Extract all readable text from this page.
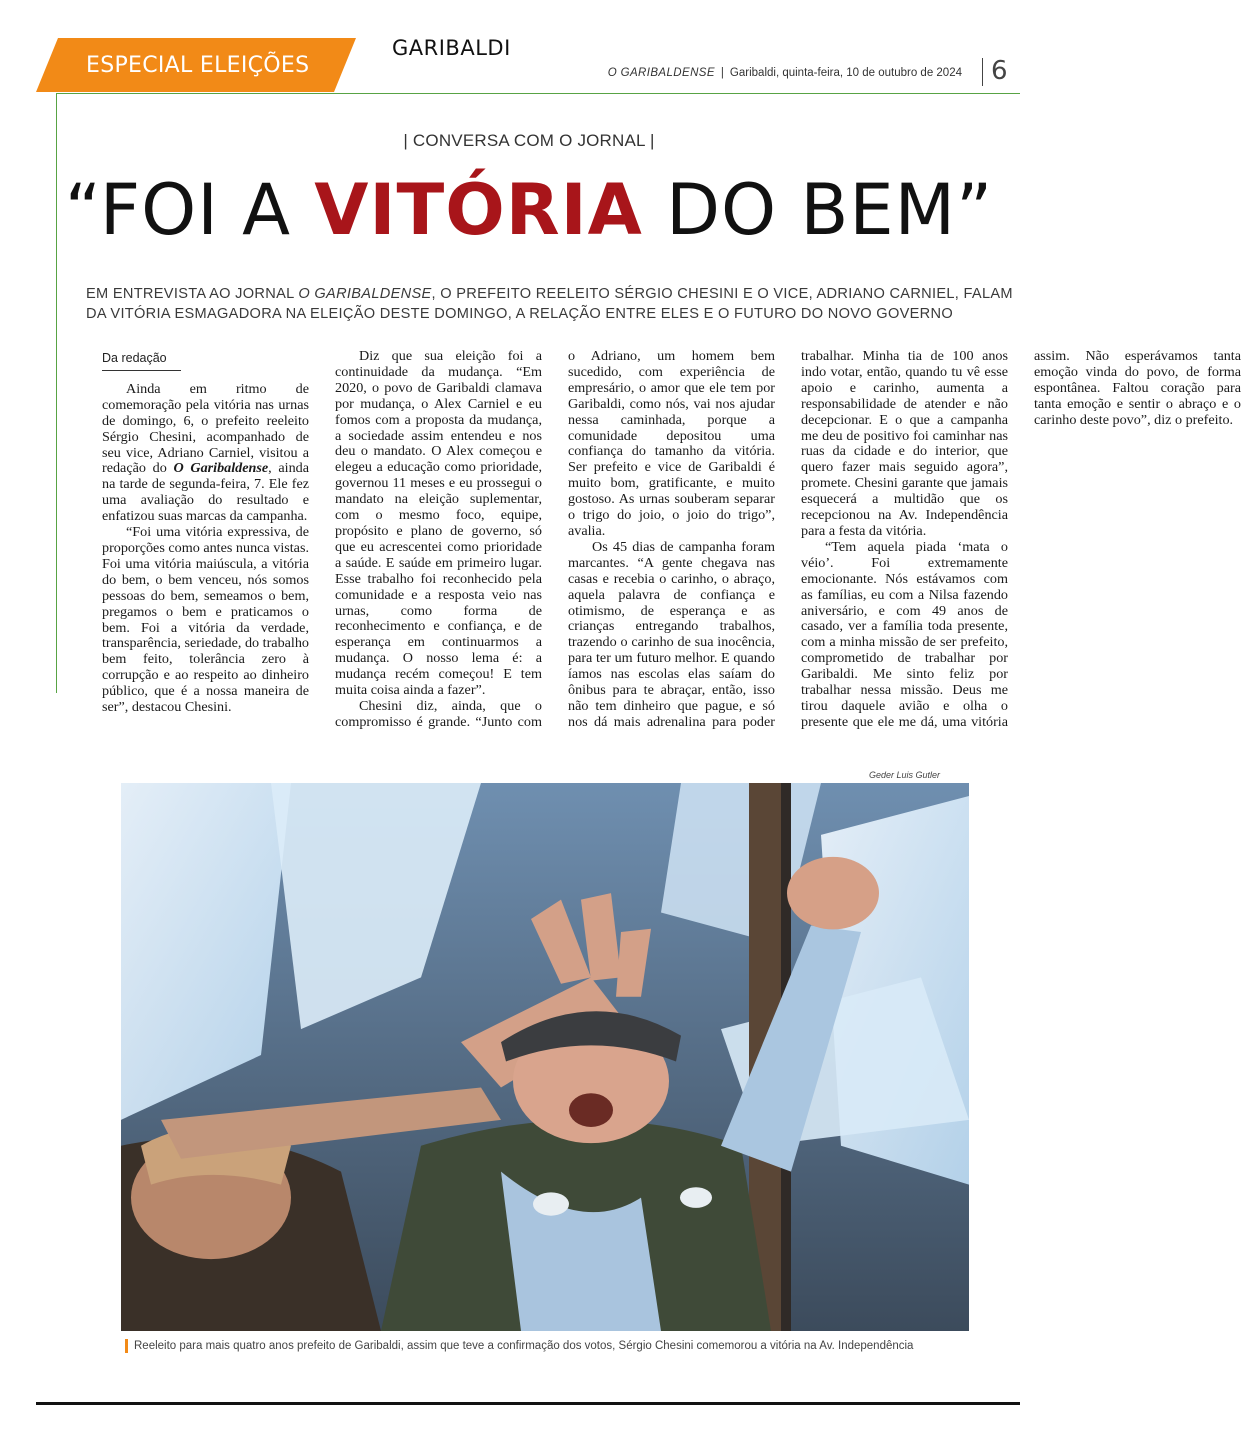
ESPECIAL ELEIÇÕES
GARIBALDI
O GARIBALDENSE | Garibaldi, quinta-feira, 10 de outubro de 2024 6
| CONVERSA COM O JORNAL |
“FOI A VITÓRIA DO BEM”
EM ENTREVISTA AO JORNAL O GARIBALDENSE, O PREFEITO REELEITO SÉRGIO CHESINI E O VICE, ADRIANO CARNIEL, FALAM DA VITÓRIA ESMAGADORA NA ELEIÇÃO DESTE DOMINGO, A RELAÇÃO ENTRE ELES E O FUTURO DO NOVO GOVERNO
Da redação

Ainda em ritmo de comemoração pela vitória nas urnas de domingo, 6, o prefeito reeleito Sérgio Chesini, acompanhado de seu vice, Adriano Carniel, visitou a redação do O Garibaldense, ainda na tarde de segunda-feira, 7. Ele fez uma avaliação do resultado e enfatizou suas marcas da campanha.

“Foi uma vitória expressiva, de proporções como antes nunca vistas. Foi uma vitória maiúscula, a vitória do bem, o bem venceu, nós somos pessoas do bem, semeamos o bem, pregamos o bem e praticamos o bem. Foi a vitória da verdade, transparência, seriedade, do trabalho bem feito, tolerância zero à corrupção e ao respeito ao dinheiro público, que é a nossa maneira de ser”, destacou Chesini.

Diz que sua eleição foi a continuidade da mudança. “Em 2020, o povo de Garibaldi clamava por mudança, o Alex Carniel e eu fomos com a proposta da mudança, a sociedade assim entendeu e nos deu o mandato. O Alex começou e elegeu a educação como prioridade, governou 11 meses e eu prossegui o mandato na eleição suplementar, com o mesmo foco, equipe, propósito e plano de governo, só que eu acrescentei como prioridade a saúde. E saúde em primeiro lugar. Esse trabalho foi reconhecido pela comunidade e a resposta veio nas urnas, como forma de reconhecimento e confiança, e de esperança em continuarmos a mudança. O nosso lema é: a mudança recém começou! E tem muita coisa ainda a fazer”.

Chesini diz, ainda, que o compromisso é grande. “Junto com o Adriano, um homem bem sucedido, com experiência de empresário, o amor que ele tem por Garibaldi, como nós, vai nos ajudar nessa caminhada, porque a comunidade depositou uma confiança do tamanho da vitória. Ser prefeito e vice de Garibaldi é muito bom, gratificante, e muito gostoso. As urnas souberam separar o trigo do joio, o joio do trigo”, avalia.

Os 45 dias de campanha foram marcantes. “A gente chegava nas casas e recebia o carinho, o abraço, aquela palavra de confiança e otimismo, de esperança e as crianças entregando trabalhos, trazendo o carinho de sua inocência, para ter um futuro melhor. E quando íamos nas escolas elas saíam do ônibus para te abraçar, então, isso não tem dinheiro que pague, e só nos dá mais adrenalina para poder trabalhar. Minha tia de 100 anos indo votar, então, quando tu vê esse apoio e carinho, aumenta a responsabilidade de atender e não decepcionar. E o que a campanha me deu de positivo foi caminhar nas ruas da cidade e do interior, que quero fazer mais seguido agora”, promete. Chesini garante que jamais esquecerá a multidão que os recepcionou na Av. Independência para a festa da vitória.

“Tem aquela piada ‘mata o véio’. Foi extremamente emocionante. Nós estávamos com as famílias, eu com a Nilsa fazendo aniversário, e com 49 anos de casado, ver a família toda presente, com a minha missão de ser prefeito, comprometido de trabalhar por Garibaldi. Me sinto feliz por trabalhar nessa missão. Deus me tirou daquele avião e olha o presente que ele me dá, uma vitória assim. Não esperávamos tanta emoção vinda do povo, de forma espontânea. Faltou coração para tanta emoção e sentir o abraço e o carinho deste povo”, diz o prefeito.

Geder Luis Gutler
Reeleito para mais quatro anos prefeito de Garibaldi, assim que teve a confirmação dos votos, Sérgio Chesini comemorou a vitória na Av. Independência
